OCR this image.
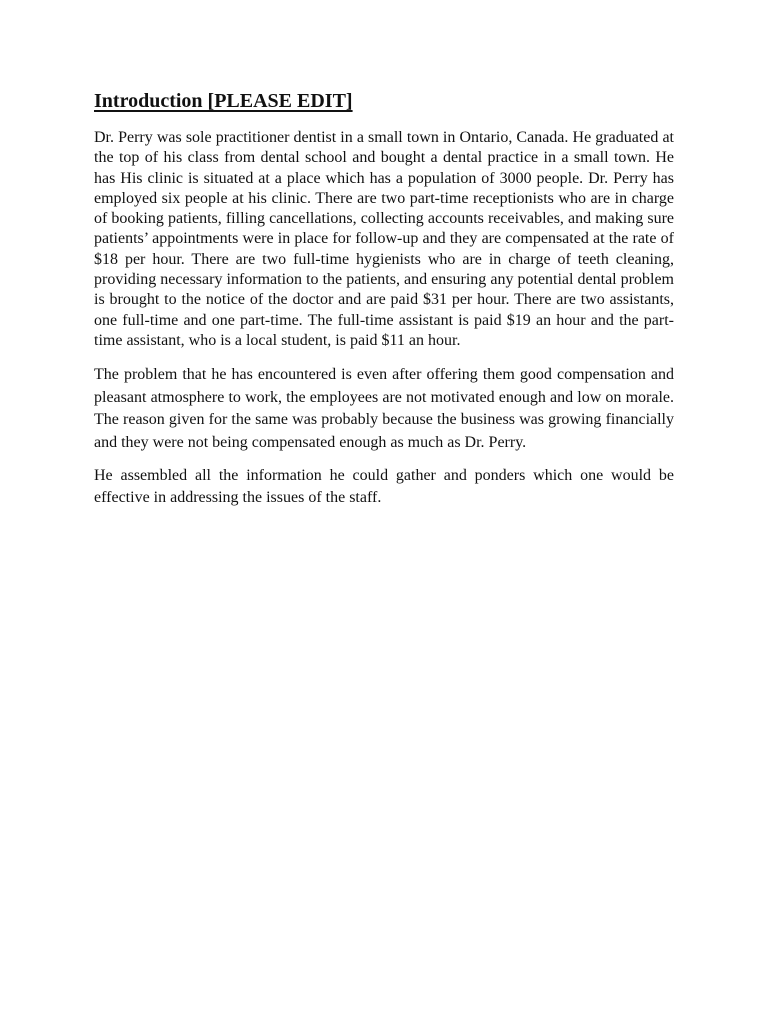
Introduction [PLEASE EDIT]

Dr. Perry was sole practitioner dentist in a small town in Ontario, Canada. He graduated at the top of his class from dental school and bought a dental practice in a small town. He has His clinic is situated at a place which has a population of 3000 people. Dr. Perry has employed six people at his clinic. There are two part-time receptionists who are in charge of booking patients, filling cancellations, collecting accounts receivables, and making sure patients’ appointments were in place for follow-up and they are compensated at the rate of $18 per hour. There are two full-time hygienists who are in charge of teeth cleaning, providing necessary information to the patients, and ensuring any potential dental problem is brought to the notice of the doctor and are paid $31 per hour. There are two assistants, one full-time and one part-time. The full-time assistant is paid $19 an hour and the part-time assistant, who is a local student, is paid $11 an hour.

The problem that he has encountered is even after offering them good compensation and pleasant atmosphere to work, the employees are not motivated enough and low on morale. The reason given for the same was probably because the business was growing financially and they were not being compensated enough as much as Dr. Perry.

He assembled all the information he could gather and ponders which one would be effective in addressing the issues of the staff.
